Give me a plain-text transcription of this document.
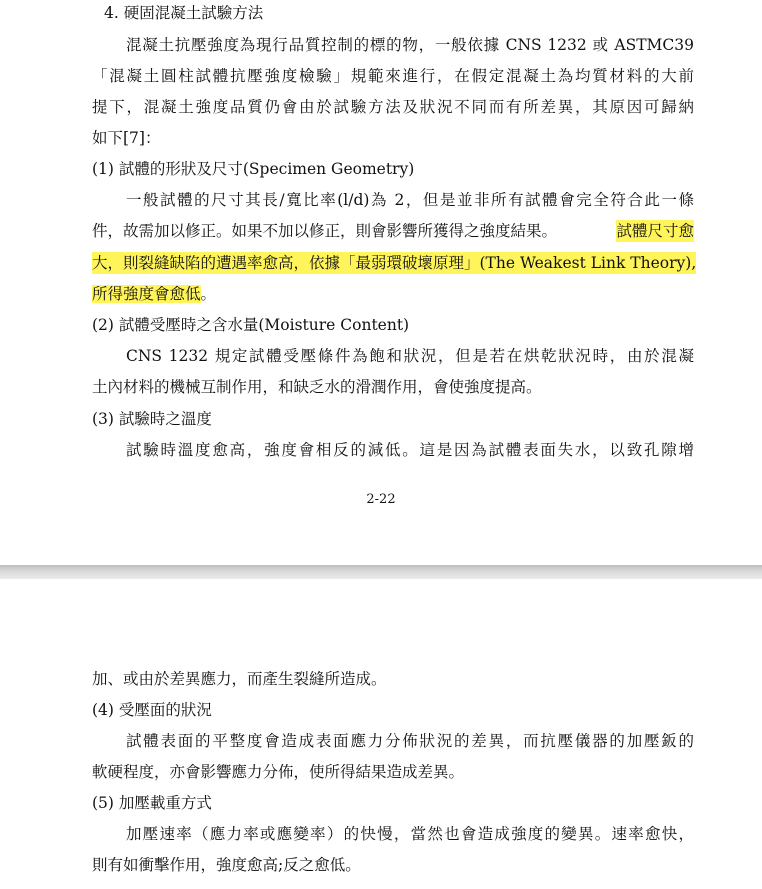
4. 硬固混凝土試驗方法
混凝土抗壓強度為現行品質控制的標的物，一般依據 CNS 1232 或 ASTMC39
「混凝土圓柱試體抗壓強度檢驗」規範來進行，在假定混凝土為均質材料的大前
提下，混凝土強度品質仍會由於試驗方法及狀況不同而有所差異，其原因可歸納
如下[7]：
(1) 試體的形狀及尺寸(Specimen Geometry)
一般試體的尺寸其長/寬比率(l/d)為 2，但是並非所有試體會完全符合此一條
件，故需加以修正。如果不加以修正，則會影響所獲得之強度結果。	試體尺寸愈
大，則裂縫缺陷的遭遇率愈高，依據「最弱環破壞原理」(The Weakest Link Theory),
所得強度會愈低。
(2) 試體受壓時之含水量(Moisture Content)
CNS 1232 規定試體受壓條件為飽和狀況，但是若在烘乾狀況時，由於混凝
土內材料的機械互制作用，和缺乏水的滑潤作用，會使強度提高。
(3) 試驗時之溫度
試驗時溫度愈高，強度會相反的減低。這是因為試體表面失水，以致孔隙增
2-22
加、或由於差異應力，而產生裂縫所造成。
(4) 受壓面的狀況
試體表面的平整度會造成表面應力分佈狀況的差異，而抗壓儀器的加壓鈑的
軟硬程度，亦會影響應力分佈，使所得結果造成差異。
(5) 加壓載重方式
加壓速率（應力率或應變率）的快慢，當然也會造成強度的變異。速率愈快，
則有如衝擊作用，強度愈高;反之愈低。
